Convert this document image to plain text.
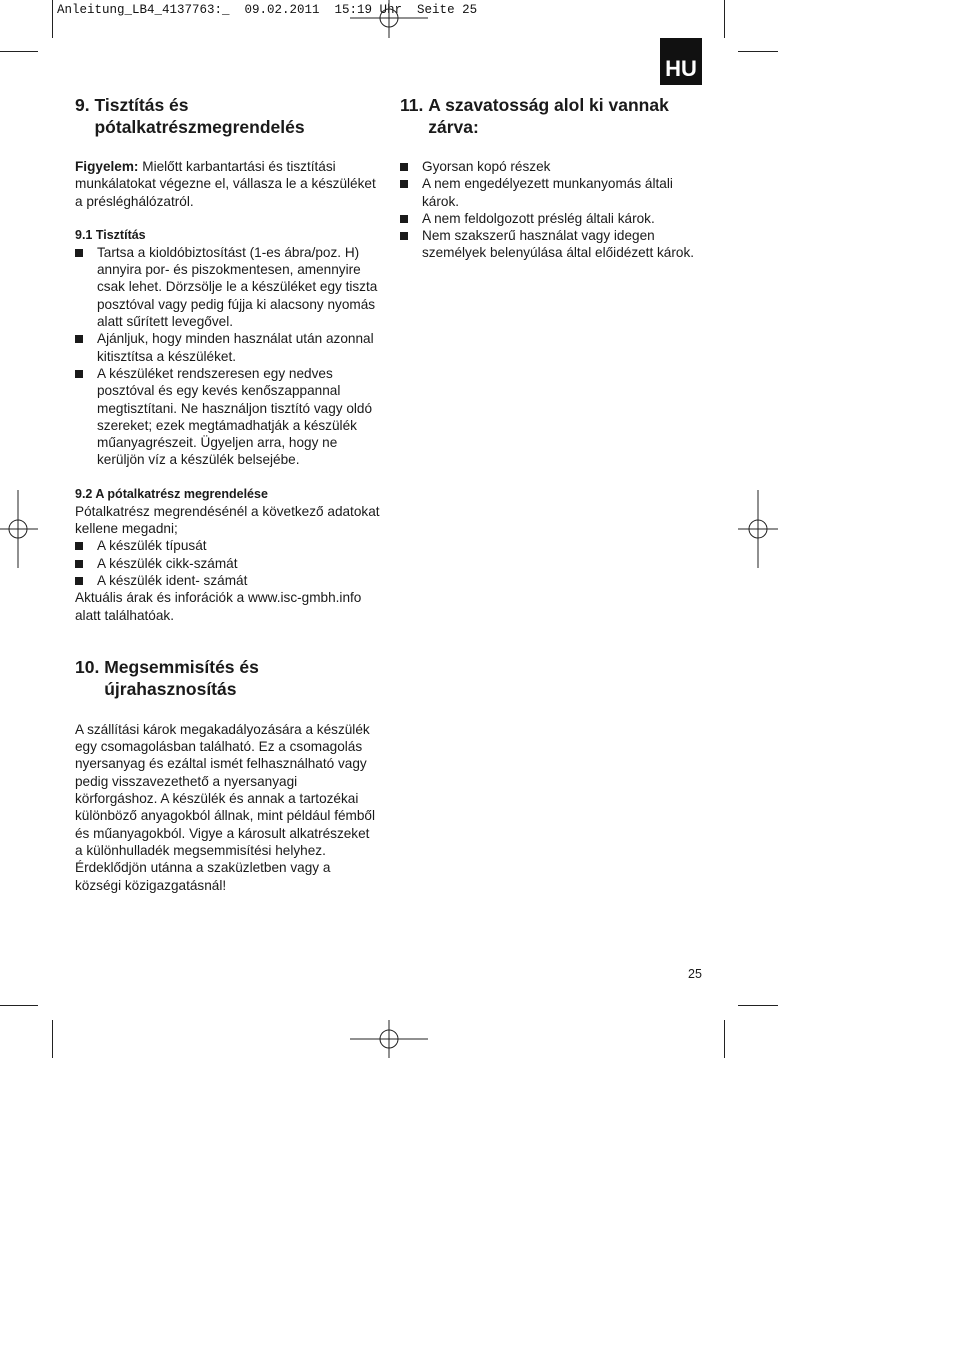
Anleitung_LB4_4137763:_  09.02.2011  15:19 Uhr  Seite 25
HU
9.
Tisztítás és
pótalkatrészmegrendelés

Figyelem: Mielőtt karbantartási és tisztítási munkálatokat végezne el, vállasza le a készüléket a présléghálózatról.

9.1 Tisztítás
Tartsa a kioldóbiztosítást (1-es ábra/poz. H) annyira por- és piszokmentesen, amennyire csak lehet. Dörzsölje le a készüléket egy tiszta posztóval vagy pedig fújja ki alacsony nyomás alatt sűrített levegővel.
Ajánljuk, hogy minden használat után azonnal kitisztítsa a készüléket.
A készüléket rendszeresen egy nedves posztóval és egy kevés kenőszappannal megtisztítani. Ne használjon tisztító vagy oldó szereket; ezek megtámadhatják a készülék műanyagrészeit. Ügyeljen arra, hogy ne kerüljön víz a készülék belsejébe.
9.2 A pótalkatrész megrendelése

Pótalkatrész megrendésénél a következő adatokat kellene megadni;

A készülék típusát
A készülék cikk-számát
A készülék ident- számát

Aktuális árak és inforációk a www.isc-gmbh.info alatt találhatóak.

10.
Megsemmisítés és
újrahasznosítás

A szállítási károk megakadályozására a készülék egy csomagolásban található. Ez a csomagolás nyersanyag és ezáltal ismét felhasználható vagy pedig visszavezethető a nyersanyagi körforgáshoz. A készülék és annak a tartozékai különböző anyagokból állnak, mint például fémből és műanyagokból. Vigye a károsult alkatrészeket a különhulladék megsemmisítési helyhez. Érdeklődjön utánna a szaküzletben vagy a községi közigazgatásnál!

11.
A szavatosság alol ki vannak
zárva:
Gyorsan kopó részek
A nem engedélyezett munkanyomás általi károk.
A nem feldolgozott préslég általi károk.
Nem szakszerű használat vagy idegen személyek belenyúlása által előidézett károk.
25
